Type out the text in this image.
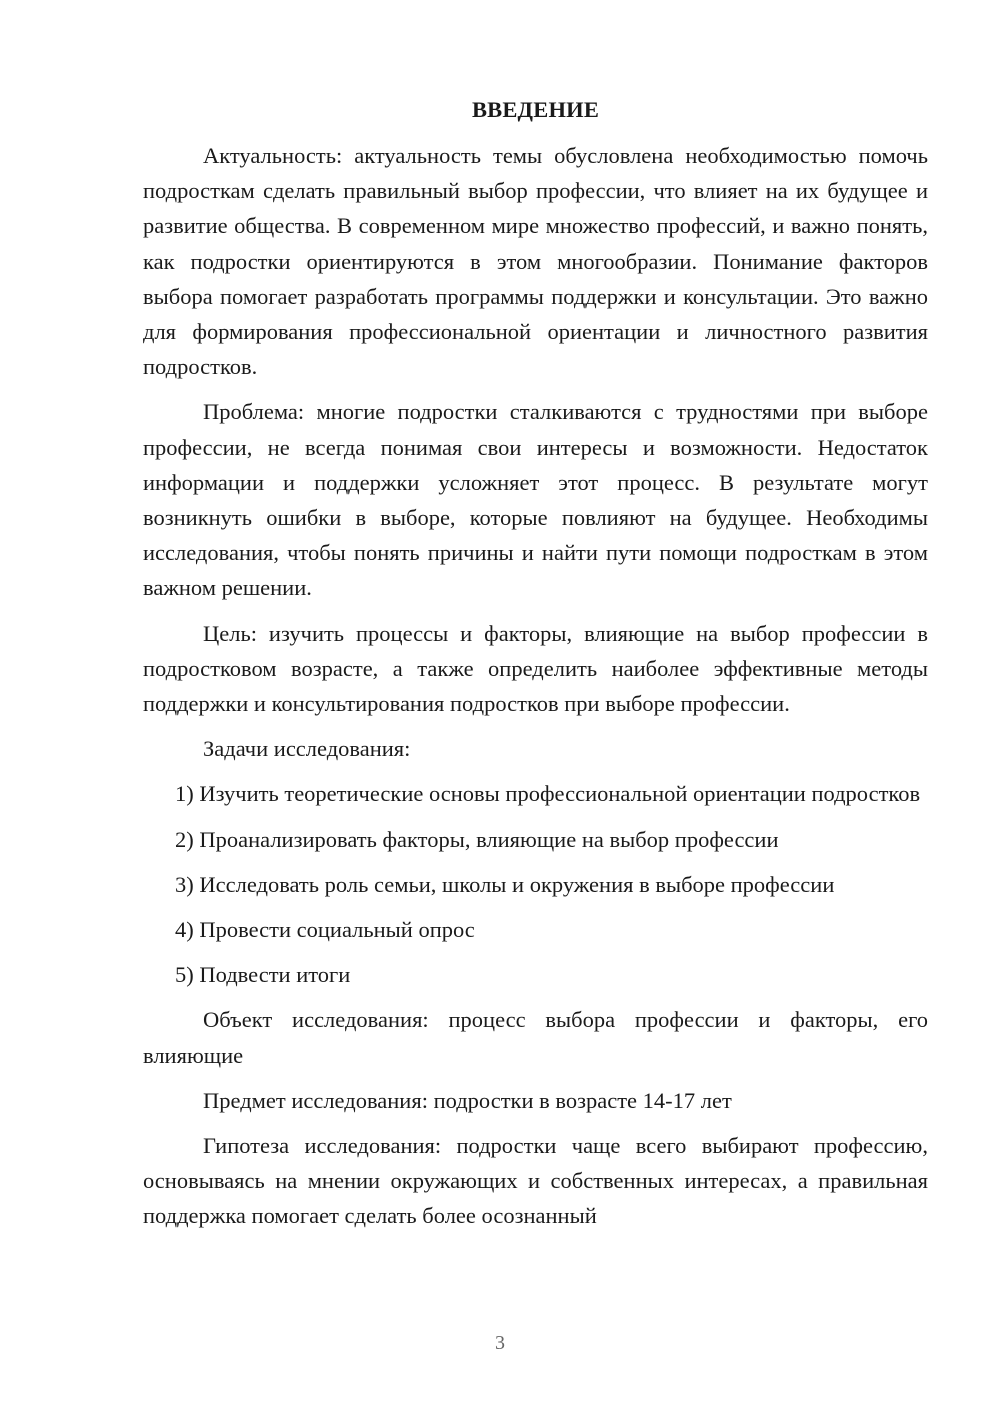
ВВЕДЕНИЕ

Актуальность: актуальность темы обусловлена необходимостью помочь подросткам сделать правильный выбор профессии, что влияет на их будущее и развитие общества. В современном мире множество профессий, и важно понять, как подростки ориентируются в этом многообразии. Понимание факторов выбора помогает разработать программы поддержки и консультации. Это важно для формирования профессиональной ориентации и личностного развития подростков.

Проблема: многие подростки сталкиваются с трудностями при выборе профессии, не всегда понимая свои интересы и возможности. Недостаток информации и поддержки усложняет этот процесс. В результате могут возникнуть ошибки в выборе, которые повлияют на будущее. Необходимы исследования, чтобы понять причины и найти пути помощи подросткам в этом важном решении.

Цель: изучить процессы и факторы, влияющие на выбор профессии в подростковом возрасте, а также определить наиболее эффективные методы поддержки и консультирования подростков при выборе профессии.

Задачи исследования:

1) Изучить теоретические основы профессиональной ориентации подростков

2) Проанализировать факторы, влияющие на выбор профессии

3) Исследовать роль семьи, школы и окружения в выборе профессии

4) Провести социальный опрос

5) Подвести итоги

Объект исследования: процесс выбора профессии и факторы, его влияющие

Предмет исследования: подростки в возрасте 14-17 лет

Гипотеза исследования: подростки чаще всего выбирают профессию, основываясь на мнении окружающих и собственных интересах, а правильная поддержка помогает сделать более осознанный

3
